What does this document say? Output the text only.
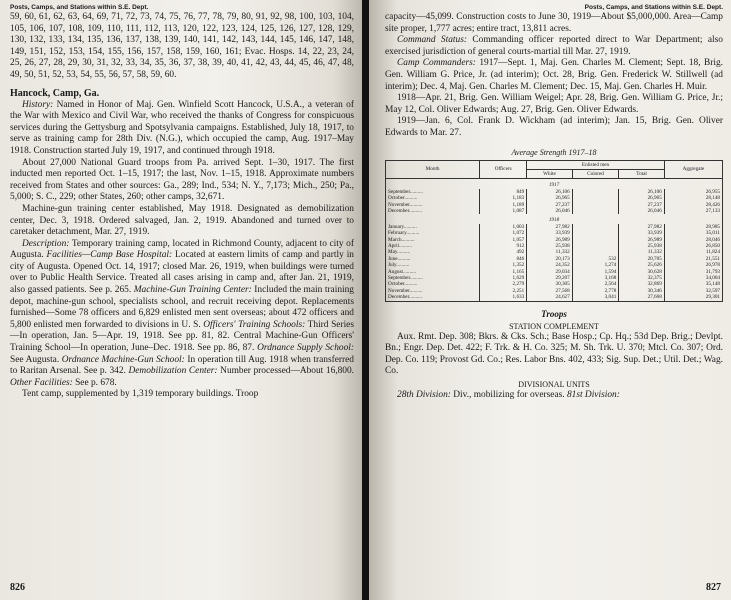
Posts, Camps, and Stations within S.E. Dept.

59, 60, 61, 62, 63, 64, 69, 71, 72, 73, 74, 75, 76, 77, 78, 79, 80, 91, 92, 98, 100, 103, 104, 105, 106, 107, 108, 109, 110, 111, 112, 113, 120, 122, 123, 124, 125, 126, 127, 128, 129, 130, 132, 133, 134, 135, 136, 137, 138, 139, 140, 141, 142, 143, 144, 145, 146, 147, 148, 149, 151, 152, 153, 154, 155, 156, 157, 158, 159, 160, 161; Evac. Hosps. 14, 22, 23, 24, 25, 26, 27, 28, 29, 30, 31, 32, 33, 34, 35, 36, 37, 38, 39, 40, 41, 42, 43, 44, 45, 46, 47, 48, 49, 50, 51, 52, 53, 54, 55, 56, 57, 58, 59, 60.

Hancock, Camp, Ga.

History: Named in Honor of Maj. Gen. Winfield Scott Hancock, U.S.A., a veteran of the War with Mexico and Civil War, who received the thanks of Congress for conspicuous services during the Gettysburg and Spotsylvania campaigns. Established, July 18, 1917, to serve as training camp for 28th Div. (N.G.), which occupied the camp, Aug. 1917–May 1918. Construction started July 19, 1917, and continued through 1918.

About 27,000 National Guard troops from Pa. arrived Sept. 1–30, 1917. The first inducted men reported Oct. 1–15, 1917; the last, Nov. 1–15, 1918. Approximate numbers received from States and other sources: Ga., 289; Ind., 534; N. Y., 7,173; Mich., 250; Pa., 5,000; S. C., 229; other States, 260; other camps, 32,671.

Machine-gun training center established, May 1918. Designated as demobilization center, Dec. 3, 1918. Ordered salvaged, Jan. 2, 1919. Abandoned and turned over to caretaker detachment, Mar. 27, 1919.

Description: Temporary training camp, located in Richmond County, adjacent to city of Augusta. Facilities—Camp Base Hospital: Located at eastern limits of camp and partly in city of Augusta. Opened Oct. 14, 1917; closed Mar. 26, 1919, when buildings were turned over to Public Health Service. Treated all cases arising in camp and, after Jan. 21, 1919, also gassed patients. See p. 265. Machine-Gun Training Center: Included the main training depot, machine-gun school, specialists school, and recruit receiving depot. Replacements furnished—Some 78 officers and 6,829 enlisted men sent overseas; about 472 officers and 5,800 enlisted men forwarded to divisions in U. S. Officers' Training Schools: Third Series—In operation, Jan. 5—Apr. 19, 1918. See pp. 81, 82. Central Machine-Gun Officers' Training School—In operation, June–Dec. 1918. See pp. 86, 87. Ordnance Supply School: See Augusta. Ordnance Machine-Gun School: In operation till Aug. 1918 when transferred to Raritan Arsenal. See p. 342. Demobilization Center: Number processed—About 16,800. Other Facilities: See p. 678.

Tent camp, supplemented by 1,319 temporary buildings. Troop

826
Posts, Camps, and Stations within S.E. Dept.

capacity—45,099. Construction costs to June 30, 1919—About $5,000,000. Area—Camp site proper, 1,777 acres; entire tract, 13,811 acres.

Command Status: Commanding officer reported direct to War Department; also exercised jurisdiction of general courts-martial till Mar. 27, 1919.

Camp Commanders: 1917—Sept. 1, Maj. Gen. Charles M. Clement; Sept. 18, Brig. Gen. William G. Price, Jr. (ad interim); Oct. 28, Brig. Gen. Frederick W. Stillwell (ad interim); Dec. 4, Maj. Gen. Charles M. Clement; Dec. 15, Maj. Gen. Charles H. Muir.

1918—Apr. 21, Brig. Gen. William Weigel; Apr. 28, Brig. Gen. William G. Price, Jr.; May 12, Col. Oliver Edwards; Aug. 27, Brig. Gen. Oliver Edwards.

1919—Jan. 6, Col. Frank D. Wickham (ad interim); Jan. 15, Brig. Gen. Oliver Edwards to Mar. 27.

Average Strength 1917–18
Month	Officers	Enlisted men			Aggregate
		White	Colored	Total	
1917					
September..........	849	26,106		26,106	26,955
October..........	1,183	26,965		26,965	28,148
November..........	1,189	27,237		27,237	28,426
December..........	1,087	26,046		26,046	27,133
1918					
January..........	1,003	27,982		27,982	28,985
February..........	1,072	33,939		33,939	35,011
March..........	1,057	26,989		26,989	28,046
April..........	912	25,938		25,938	26,850
May..........	492	11,332		11,332	11,824
June..........	846	20,173	532	20,705	21,551
July..........	1,352	24,352	1,274	25,626	26,978
August..........	1,165	29,034	1,594	30,628	31,793
September..........	1,629	29,207	3,168	32,375	34,004
October..........	2,279	30,305	2,564	32,869	35,148
November..........	2,251	27,568	2,778	30,346	32,597
December..........	1,633	24,627	3,041	27,668	29,301
Troops
STATION COMPLEMENT

Aux. Rmt. Dep. 308; Bkrs. & Cks. Sch.; Base Hosp.; Cp. Hq.; 53d Dep. Brig.; Devlpt. Bn.; Engr. Dep. Det. 422; F. Trk. & H. Co. 325; M. Sh. Trk. U. 370; Mtcl. Co. 307; Ord. Dep. Co. 119; Provost Gd. Co.; Res. Labor Bns. 402, 433; Sig. Sup. Det.; Util. Det.; Wag. Co.

DIVISIONAL UNITS

28th Division: Div., mobilizing for overseas. 81st Division:

827
